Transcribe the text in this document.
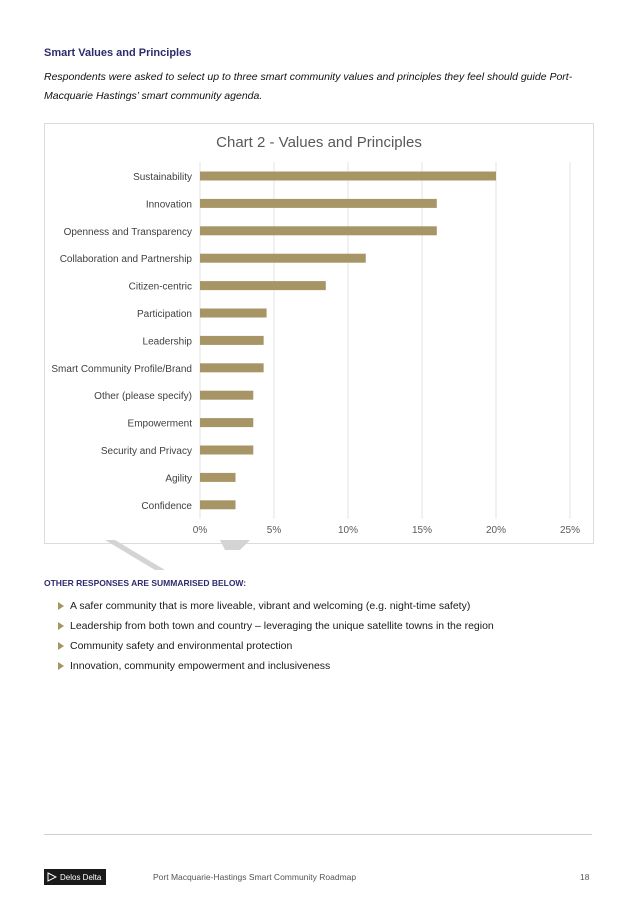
Smart Values and Principles
Respondents were asked to select up to three smart community values and principles they feel should guide Port-Macquarie Hastings’ smart community agenda.
Chart 2 - Values and Principles
0%	5%	10%	15%	20%	25%
Sustainability
Innovation
Openness and Transparency
Collaboration and Partnership
Citizen-centric
Participation
Leadership
Smart Community Profile/Brand
Other (please specify)
Empowerment
Security and Privacy
Agility
Confidence
OTHER RESPONSES ARE SUMMARISED BELOW:
A safer community that is more liveable, vibrant and welcoming (e.g. night-time safety)
Leadership from both town and country – leveraging the unique satellite towns in the region
Community safety and environmental protection
Innovation, community empowerment and inclusiveness
Delos Delta	Port Macquarie-Hastings Smart Community Roadmap	18
